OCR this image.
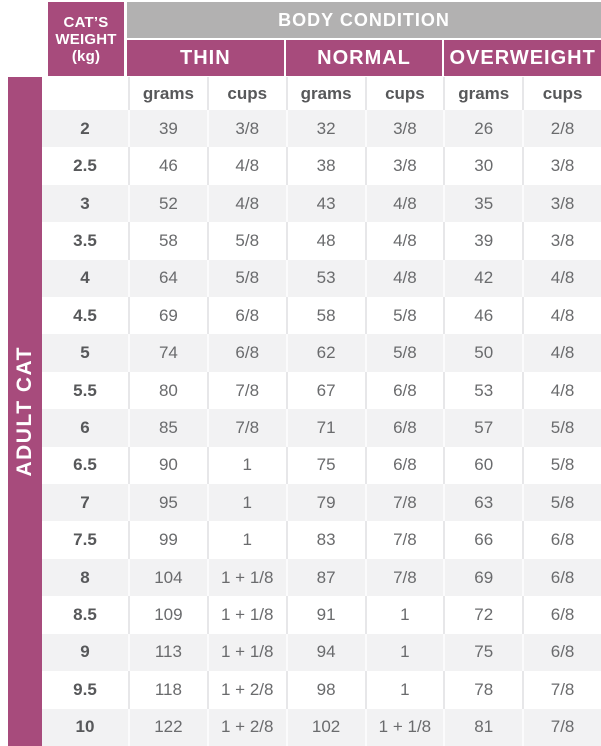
ADULT CAT
CAT’S
WEIGHT
(kg)
BODY CONDITION
THIN	NORMAL	OVERWEIGHT
grams	cups	grams	cups	grams	cups
2	39	3/8	32	3/8	26	2/8
2.5	46	4/8	38	3/8	30	3/8
3	52	4/8	43	4/8	35	3/8
3.5	58	5/8	48	4/8	39	3/8
4	64	5/8	53	4/8	42	4/8
4.5	69	6/8	58	5/8	46	4/8
5	74	6/8	62	5/8	50	4/8
5.5	80	7/8	67	6/8	53	4/8
6	85	7/8	71	6/8	57	5/8
6.5	90	1	75	6/8	60	5/8
7	95	1	79	7/8	63	5/8
7.5	99	1	83	7/8	66	6/8
8	104	1 + 1/8	87	7/8	69	6/8
8.5	109	1 + 1/8	91	1	72	6/8
9	113	1 + 1/8	94	1	75	6/8
9.5	118	1 + 2/8	98	1	78	7/8
10	122	1 + 2/8	102	1 + 1/8	81	7/8
